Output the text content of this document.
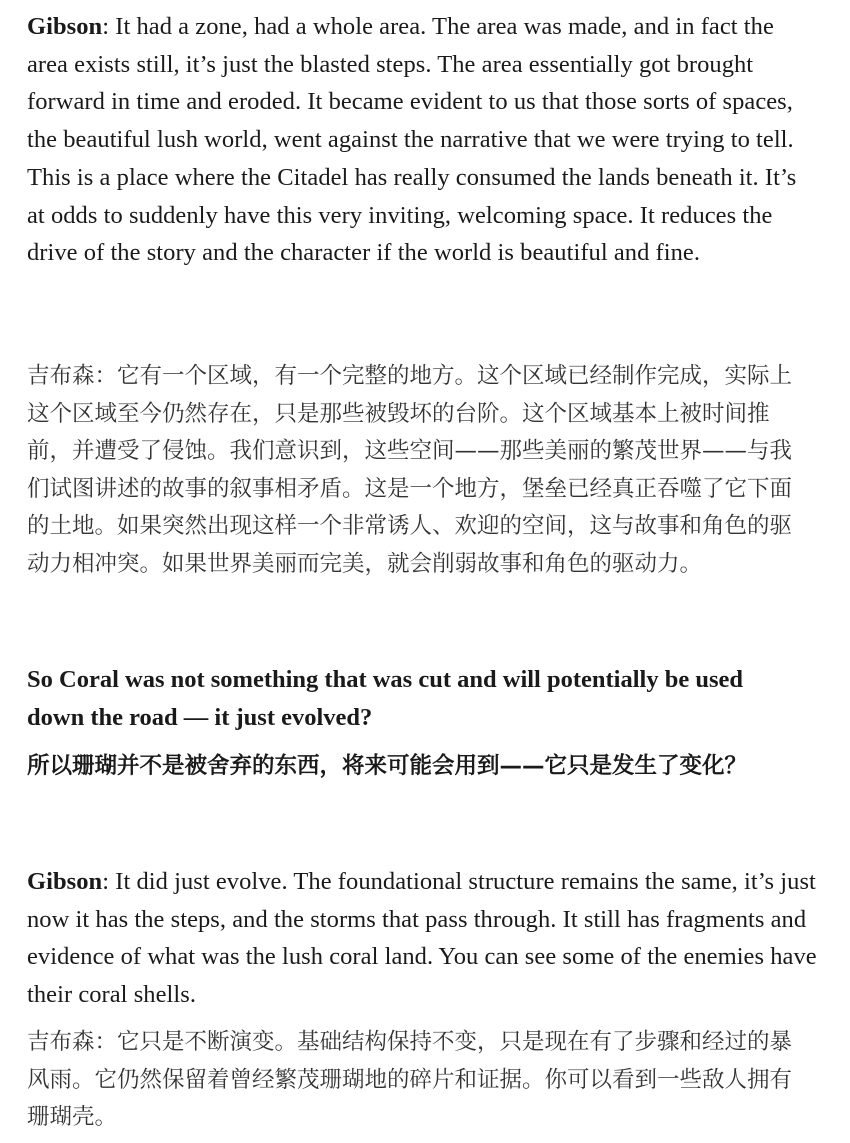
Gibson: It had a zone, had a whole area. The area was made, and in fact the area exists still, it’s just the blasted steps. The area essentially got brought forward in time and eroded. It became evident to us that those sorts of spaces, the beautiful lush world, went against the narrative that we were trying to tell. This is a place where the Citadel has really consumed the lands beneath it. It’s at odds to suddenly have this very inviting, welcoming space. It reduces the drive of the story and the character if the world is beautiful and fine.

吉布森：它有一个区域，有一个完整的地方。这个区域已经制作完成，实际上这个区域至今仍然存在，只是那些被毁坏的台阶。这个区域基本上被时间推前，并遭受了侵蚀。我们意识到，这些空间——那些美丽的繁茂世界——与我们试图讲述的故事的叙事相矛盾。这是一个地方，堡垒已经真正吞噬了它下面的土地。如果突然出现这样一个非常诱人、欢迎的空间，这与故事和角色的驱动力相冲突。如果世界美丽而完美，就会削弱故事和角色的驱动力。

So Coral was not something that was cut and will potentially be used down the road — it just evolved?

所以珊瑚并不是被舍弃的东西，将来可能会用到——它只是发生了变化？

Gibson: It did just evolve. The foundational structure remains the same, it’s just now it has the steps, and the storms that pass through. It still has fragments and evidence of what was the lush coral land. You can see some of the enemies have their coral shells.

吉布森：它只是不断演变。基础结构保持不变，只是现在有了步骤和经过的暴风雨。它仍然保留着曾经繁茂珊瑚地的碎片和证据。你可以看到一些敌人拥有珊瑚壳。
